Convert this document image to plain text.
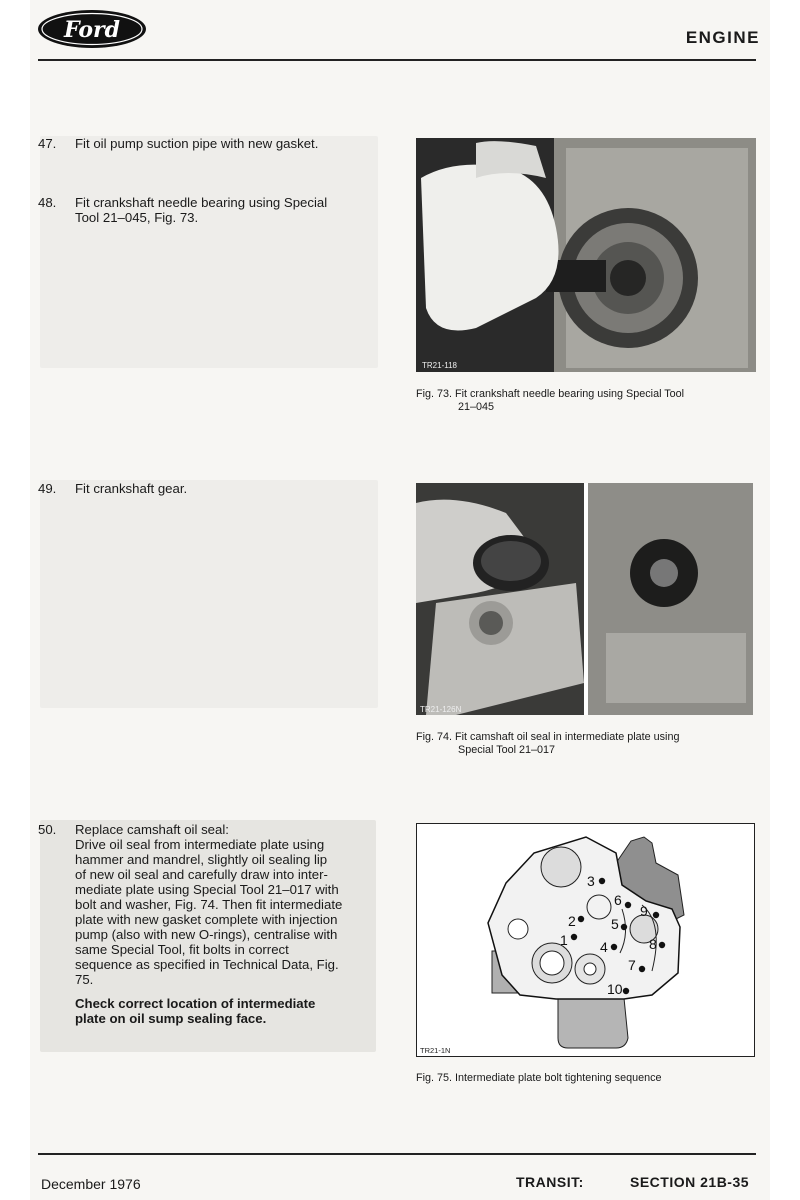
Ford	ENGINE
47. Fit oil pump suction pipe with new gasket.
48. Fit crankshaft needle bearing using Special
Tool 21–045, Fig. 73.
TR21-118
Fig. 73. Fit crankshaft needle bearing using Special Tool
21–045
49. Fit crankshaft gear.
TR21-126N
Fig. 74. Fit camshaft oil seal in intermediate plate using
Special Tool 21–017
50. Replace camshaft oil seal:
Drive oil seal from intermediate plate using
hammer and mandrel, slightly oil sealing lip
of new oil seal and carefully draw into inter-
mediate plate using Special Tool 21–017 with
bolt and washer, Fig. 74. Then fit intermediate
plate with new gasket complete with injection
pump (also with new O-rings), centralise with
same Special Tool, fit bolts in correct
sequence as specified in Technical Data, Fig.
75.
Check correct location of intermediate
plate on oil sump sealing face.
1
2
3
4
5
6
7
8
9
10
TR21-1N
Fig. 75. Intermediate plate bolt tightening sequence
December 1976	TRANSIT:	SECTION 21B-35
